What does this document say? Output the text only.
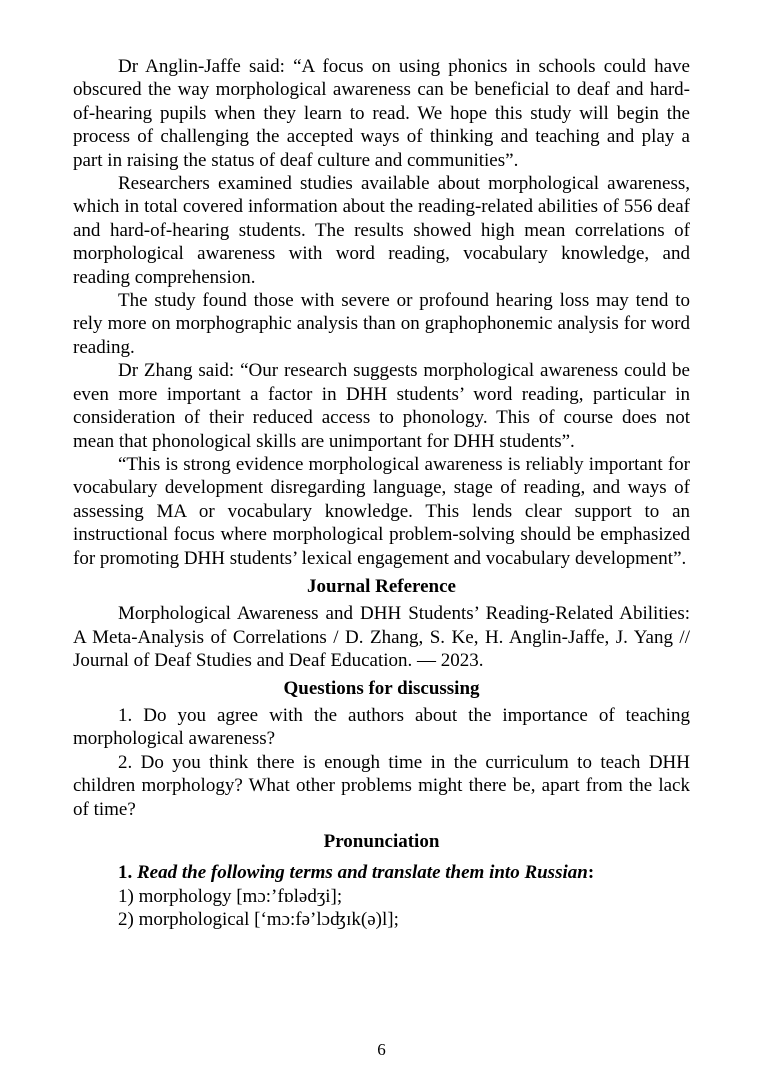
Dr Anglin-Jaffe said: “A focus on using phonics in schools could have obscured the way morphological awareness can be beneficial to deaf and hard-of-hearing pupils when they learn to read. We hope this study will begin the process of challenging the accepted ways of thinking and teaching and play a part in raising the status of deaf culture and communities”.

Researchers examined studies available about morphological awareness, which in total covered information about the reading-related abilities of 556 deaf and hard-of-hearing students. The results showed high mean correlations of morphological awareness with word reading, vocabulary knowledge, and reading comprehension.

The study found those with severe or profound hearing loss may tend to rely more on morphographic analysis than on graphophonemic analysis for word reading.

Dr Zhang said: “Our research suggests morphological awareness could be even more important a factor in DHH students’ word reading, particular in consideration of their reduced access to phonology. This of course does not mean that phonological skills are unimportant for DHH students”.

“This is strong evidence morphological awareness is reliably important for vocabulary development disregarding language, stage of reading, and ways of assessing MA or vocabulary knowledge. This lends clear support to an instructional focus where morphological problem-solving should be emphasized for promoting DHH students’ lexical engagement and vocabulary development”.

Journal Reference

Morphological Awareness and DHH Students’ Reading-Related Abilities: A Meta-Analysis of Correlations / D. Zhang, S. Ke, H. Anglin-Jaffe, J. Yang // Journal of Deaf Studies and Deaf Education. — 2023.

Questions for discussing

1. Do you agree with the authors about the importance of teaching morphological awareness?

2. Do you think there is enough time in the curriculum to teach DHH children morphology? What other problems might there be, apart from the lack of time?

Pronunciation

1. Read the following terms and translate them into Russian:

1) morphology [mɔ:’fɒlədʒi];

2) morphological [‘mɔ:fə’lɔʤɪk(ə)l];

6
